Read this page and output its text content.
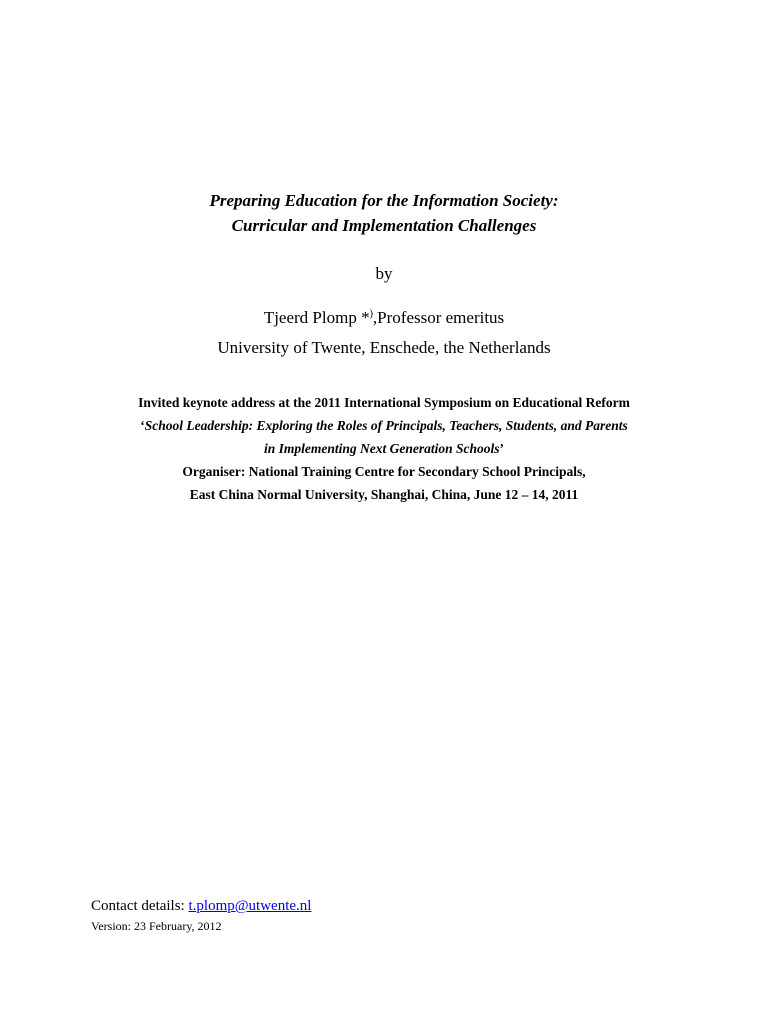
Preparing Education for the Information Society:
Curricular and Implementation Challenges
by
Tjeerd Plomp *),Professor emeritus
University of Twente, Enschede, the Netherlands
Invited keynote address at the 2011 International Symposium on Educational Reform
‘School Leadership: Exploring the Roles of Principals, Teachers, Students, and Parents
in Implementing Next Generation Schools’
Organiser: National Training Centre for Secondary School Principals,
East China Normal University, Shanghai, China, June 12 – 14, 2011
Contact details: t.plomp@utwente.nl
Version: 23 February, 2012
